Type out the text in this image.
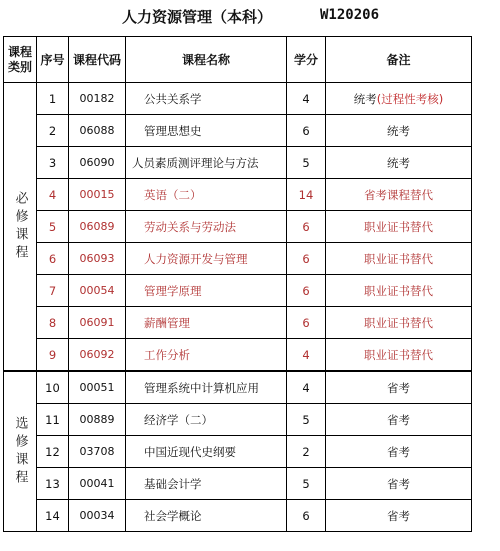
人力资源管理（本科）	W120206
课程类别	序号	课程代码	课程名称	学分	备注
必修课程	1	00182	公共关系学	4	统考(过程性考核)
	2	06088	管理思想史	6	统考
	3	06090	人员素质测评理论与方法	5	统考
	4	00015	英语（二）	14	省考课程替代
	5	06089	劳动关系与劳动法	6	职业证书替代
	6	06093	人力资源开发与管理	6	职业证书替代
	7	00054	管理学原理	6	职业证书替代
	8	06091	薪酬管理	6	职业证书替代
	9	06092	工作分析	4	职业证书替代
选修课程	10	00051	管理系统中计算机应用	4	省考
	11	00889	经济学（二）	5	省考
	12	03708	中国近现代史纲要	2	省考
	13	00041	基础会计学	5	省考
	14	00034	社会学概论	6	省考
